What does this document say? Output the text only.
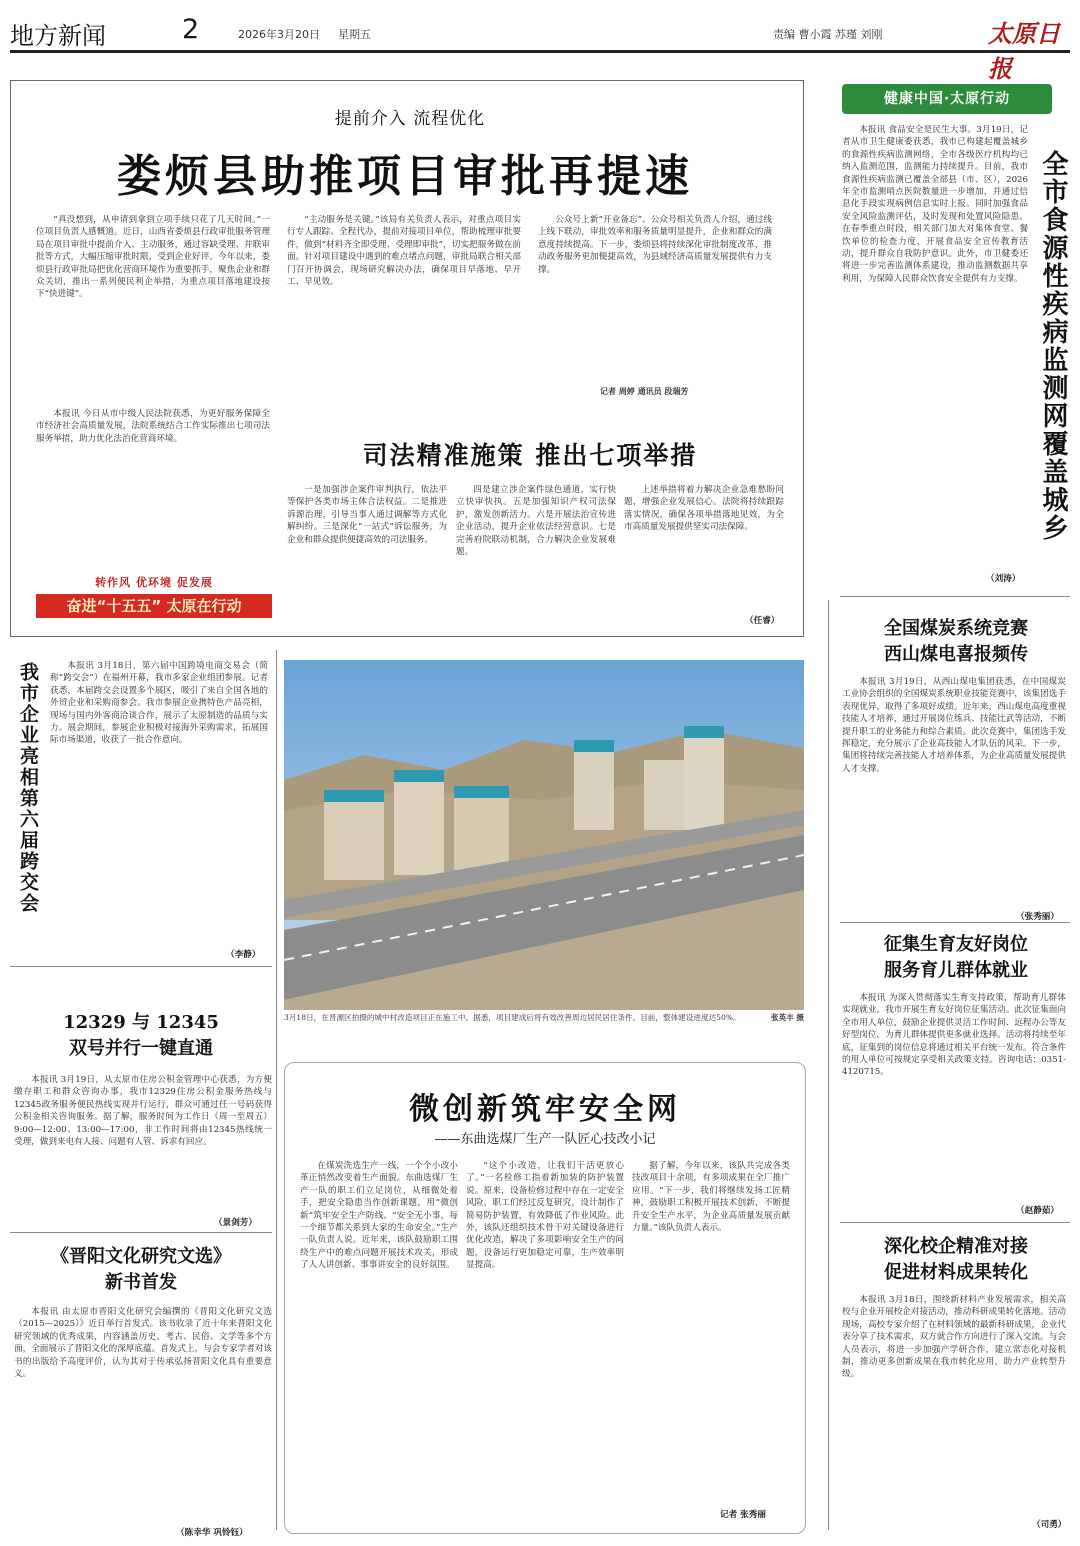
地方新闻	2	2026年3月20日 星期五	责编 曹小霞 苏瑾 刘刚	太原日报
提前介入 流程优化
娄烦县助推项目审批再提速

“真没想到，从申请到拿到立项手续只花了几天时间。”一位项目负责人感慨道。近日，山西省娄烦县行政审批服务管理局在项目审批中提前介入、主动服务，通过容缺受理、并联审批等方式，大幅压缩审批时限，受到企业好评。今年以来，娄烦县行政审批局把优化营商环境作为重要抓手，聚焦企业和群众关切，推出一系列便民利企举措，为重点项目落地建设按下“快进键”。

“主动服务是关键。”该局有关负责人表示，对重点项目实行专人跟踪、全程代办，提前对接项目单位，帮助梳理审批要件，做到“材料齐全即受理、受理即审批”，切实把服务做在前面。针对项目建设中遇到的难点堵点问题，审批局联合相关部门召开协调会，现场研究解决办法，确保项目早落地、早开工、早见效。

公众号上新“开业备忘”。公众号相关负责人介绍，通过线上线下联动，审批效率和服务质量明显提升，企业和群众的满意度持续提高。下一步，娄烦县将持续深化审批制度改革，推动政务服务更加便捷高效，为县域经济高质量发展提供有力支撑。

记者 周婷 通讯员 段瑞芳
司法精准施策 推出七项举措

本报讯 今日从市中级人民法院获悉，为更好服务保障全市经济社会高质量发展，法院系统结合工作实际推出七项司法服务举措，助力优化法治化营商环境。

一是加强涉企案件审判执行，依法平等保护各类市场主体合法权益。二是推进诉源治理，引导当事人通过调解等方式化解纠纷。三是深化“一站式”诉讼服务，为企业和群众提供便捷高效的司法服务。

四是建立涉企案件绿色通道，实行快立快审快执。五是加强知识产权司法保护，激发创新活力。六是开展法治宣传进企业活动，提升企业依法经营意识。七是完善府院联动机制，合力解决企业发展难题。

上述举措将着力解决企业急难愁盼问题，增强企业发展信心。法院将持续跟踪落实情况，确保各项举措落地见效，为全市高质量发展提供坚实司法保障。

（任睿）
转作风 优环境 促发展
奋进“十五五” 太原在行动
健康中国·太原行动

本报讯 食品安全是民生大事。3月19日，记者从市卫生健康委获悉，我市已构建起覆盖城乡的食源性疾病监测网络，全市各级医疗机构均已纳入监测范围，监测能力持续提升。目前，我市食源性疾病监测已覆盖全部县（市、区），2026年全市监测哨点医院数量进一步增加，并通过信息化手段实现病例信息实时上报。同时加强食品安全风险监测评估，及时发现和处置风险隐患。在春季重点时段，相关部门加大对集体食堂、餐饮单位的检查力度，开展食品安全宣传教育活动，提升群众自我防护意识。此外，市卫健委还将进一步完善监测体系建设，推动监测数据共享利用，为保障人民群众饮食安全提供有力支撑。

（刘涛）
全市食源性疾病监测网覆盖城乡
全国煤炭系统竞赛
西山煤电喜报频传

本报讯 3月19日，从西山煤电集团获悉，在中国煤炭工业协会组织的全国煤炭系统职业技能竞赛中，该集团选手表现优异，取得了多项好成绩。近年来，西山煤电高度重视技能人才培养，通过开展岗位练兵、技能比武等活动，不断提升职工的业务能力和综合素质。此次竞赛中，集团选手发挥稳定，充分展示了企业高技能人才队伍的风采。下一步，集团将持续完善技能人才培养体系，为企业高质量发展提供人才支撑。

（张秀丽）
征集生育友好岗位
服务育儿群体就业

本报讯 为深入贯彻落实生育支持政策，帮助育儿群体实现就业，我市开展生育友好岗位征集活动。此次征集面向全市用人单位，鼓励企业提供灵活工作时间、远程办公等友好型岗位，为育儿群体提供更多就业选择。活动将持续至年底，征集到的岗位信息将通过相关平台统一发布。符合条件的用人单位可按规定享受相关政策支持。咨询电话：0351-4120715。

（赵静茹）
深化校企精准对接
促进材料成果转化

本报讯 3月18日，围绕新材料产业发展需求，相关高校与企业开展校企对接活动，推动科研成果转化落地。活动现场，高校专家介绍了在材料领域的最新科研成果，企业代表分享了技术需求，双方就合作方向进行了深入交流。与会人员表示，将进一步加强产学研合作，建立常态化对接机制，推动更多创新成果在我市转化应用，助力产业转型升级。

（司勇）
我市企业亮相第六届跨交会	本报讯 3月18日，第六届中国跨境电商交易会（简称“跨交会”）在福州开幕，我市多家企业组团参展。记者获悉，本届跨交会设置多个展区，吸引了来自全国各地的外贸企业和采购商参会。我市参展企业携特色产品亮相，现场与国内外客商洽谈合作，展示了太原制造的品质与实力。展会期间，参展企业积极对接海外采购需求，拓展国际市场渠道，收获了一批合作意向。

（李静）
12329 与 12345
双号并行一键直通

本报讯 3月19日，从太原市住房公积金管理中心获悉，为方便缴存职工和群众咨询办事，我市12329住房公积金服务热线与12345政务服务便民热线实现并行运行，群众可通过任一号码获得公积金相关咨询服务。据了解，服务时间为工作日（周一至周五）9:00—12:00、13:00—17:00，非工作时间将由12345热线统一受理，做到来电有人接、问题有人管、诉求有回应。

（景剑芳）
《晋阳文化研究文选》
新书首发

本报讯 由太原市晋阳文化研究会编撰的《晋阳文化研究文选（2015—2025）》近日举行首发式。该书收录了近十年来晋阳文化研究领域的优秀成果，内容涵盖历史、考古、民俗、文学等多个方面，全面展示了晋阳文化的深厚底蕴。首发式上，与会专家学者对该书的出版给予高度评价，认为其对于传承弘扬晋阳文化具有重要意义。

（陈幸华 巩铃钰）
3月18日，在晋源区拍摄的城中村改造项目正在施工中。据悉，项目建成后将有效改善周边居民居住条件。目前，整体建设进度达50%。	张英丰 摄
微创新筑牢安全网
——东曲选煤厂生产一队匠心技改小记

在煤炭洗选生产一线，一个个小改小革正悄然改变着生产面貌。东曲选煤厂生产一队的职工们立足岗位，从细微处着手，把安全隐患当作创新课题，用“微创新”筑牢安全生产防线。“安全无小事，每一个细节都关系到大家的生命安全。”生产一队负责人说。近年来，该队鼓励职工围绕生产中的难点问题开展技术攻关，形成了人人讲创新、事事讲安全的良好氛围。

“这个小改造，让我们干活更放心了。”一名检修工指着新加装的防护装置说。原来，设备检修过程中存在一定安全风险，职工们经过反复研究，设计制作了简易防护装置，有效降低了作业风险。此外，该队还组织技术骨干对关键设备进行优化改造，解决了多项影响安全生产的问题，设备运行更加稳定可靠，生产效率明显提高。

据了解，今年以来，该队共完成各类技改项目十余项，有多项成果在全厂推广应用。“下一步，我们将继续发扬工匠精神，鼓励职工积极开展技术创新，不断提升安全生产水平，为企业高质量发展贡献力量。”该队负责人表示。

记者 张秀丽
